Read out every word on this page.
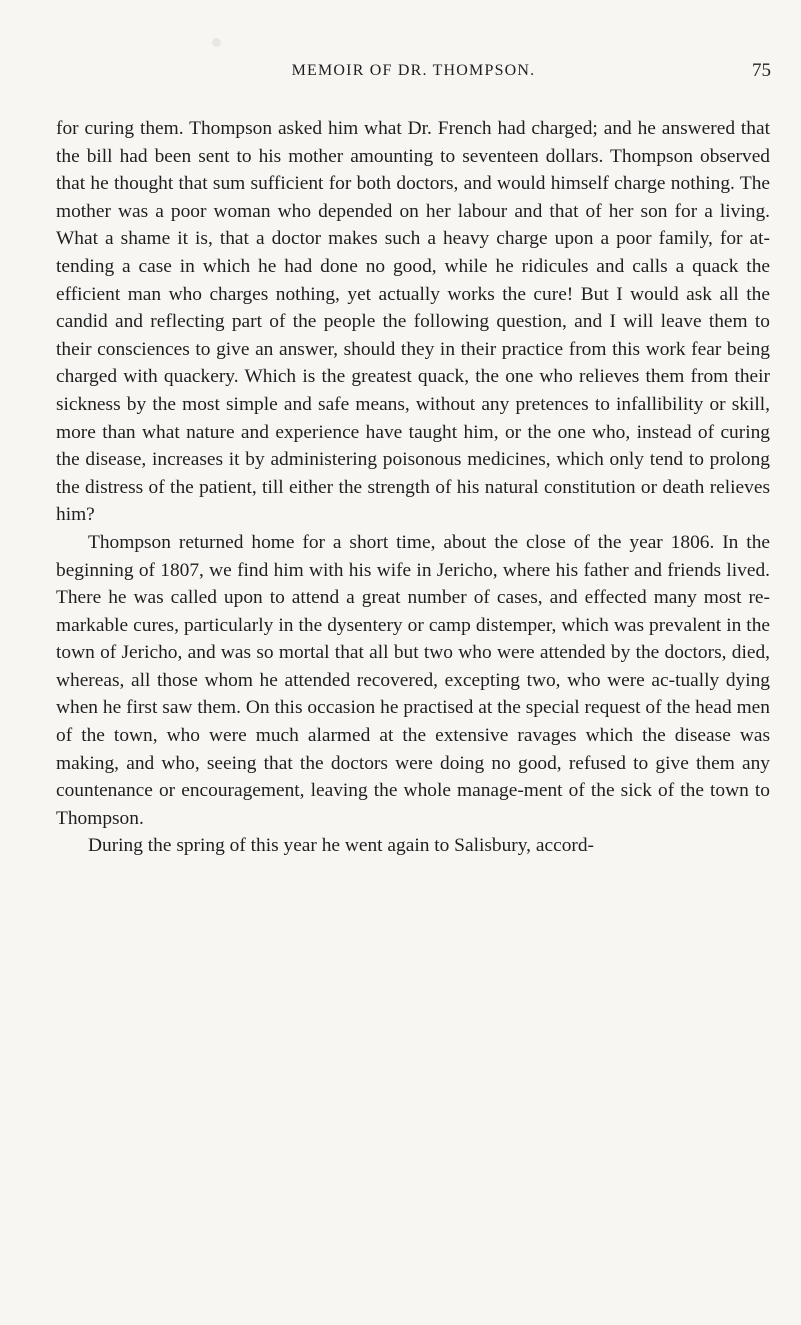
MEMOIR OF DR. THOMPSON.	75

for curing them. Thompson asked him what Dr. French had charged; and he answered that the bill had been sent to his mother amounting to seventeen dollars. Thompson observed that he thought that sum sufficient for both doctors, and would himself charge nothing. The mother was a poor woman who depended on her labour and that of her son for a living. What a shame it is, that a doctor makes such a heavy charge upon a poor family, for at-tending a case in which he had done no good, while he ridicules and calls a quack the efficient man who charges nothing, yet actually works the cure! But I would ask all the candid and reflecting part of the people the following question, and I will leave them to their consciences to give an answer, should they in their practice from this work fear being charged with quackery. Which is the greatest quack, the one who relieves them from their sickness by the most simple and safe means, without any pretences to infallibility or skill, more than what nature and experience have taught him, or the one who, instead of curing the disease, increases it by administering poisonous medicines, which only tend to prolong the distress of the patient, till either the strength of his natural constitution or death relieves him?

Thompson returned home for a short time, about the close of the year 1806. In the beginning of 1807, we find him with his wife in Jericho, where his father and friends lived. There he was called upon to attend a great number of cases, and effected many most re-markable cures, particularly in the dysentery or camp distemper, which was prevalent in the town of Jericho, and was so mortal that all but two who were attended by the doctors, died, whereas, all those whom he attended recovered, excepting two, who were ac-tually dying when he first saw them. On this occasion he practised at the special request of the head men of the town, who were much alarmed at the extensive ravages which the disease was making, and who, seeing that the doctors were doing no good, refused to give them any countenance or encouragement, leaving the whole manage-ment of the sick of the town to Thompson.

During the spring of this year he went again to Salisbury, accord-
